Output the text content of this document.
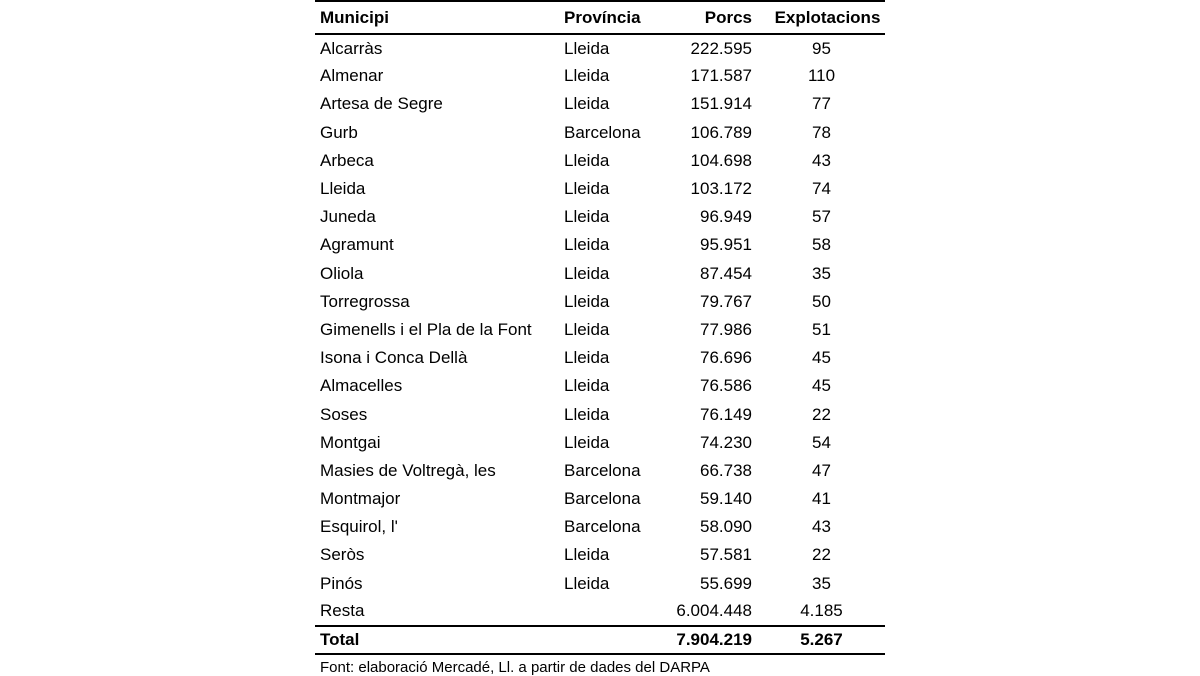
Municipi	Província	Porcs	Explotacions
Alcarràs	Lleida	222.595	95
Almenar	Lleida	171.587	110
Artesa de Segre	Lleida	151.914	77
Gurb	Barcelona	106.789	78
Arbeca	Lleida	104.698	43
Lleida	Lleida	103.172	74
Juneda	Lleida	96.949	57
Agramunt	Lleida	95.951	58
Oliola	Lleida	87.454	35
Torregrossa	Lleida	79.767	50
Gimenells i el Pla de la Font	Lleida	77.986	51
Isona i Conca Dellà	Lleida	76.696	45
Almacelles	Lleida	76.586	45
Soses	Lleida	76.149	22
Montgai	Lleida	74.230	54
Masies de Voltregà, les	Barcelona	66.738	47
Montmajor	Barcelona	59.140	41
Esquirol, l'	Barcelona	58.090	43
Seròs	Lleida	57.581	22
Pinós	Lleida	55.699	35
Resta		6.004.448	4.185
Total		7.904.219	5.267
Font: elaboració Mercadé, Ll. a partir de dades del DARPA
